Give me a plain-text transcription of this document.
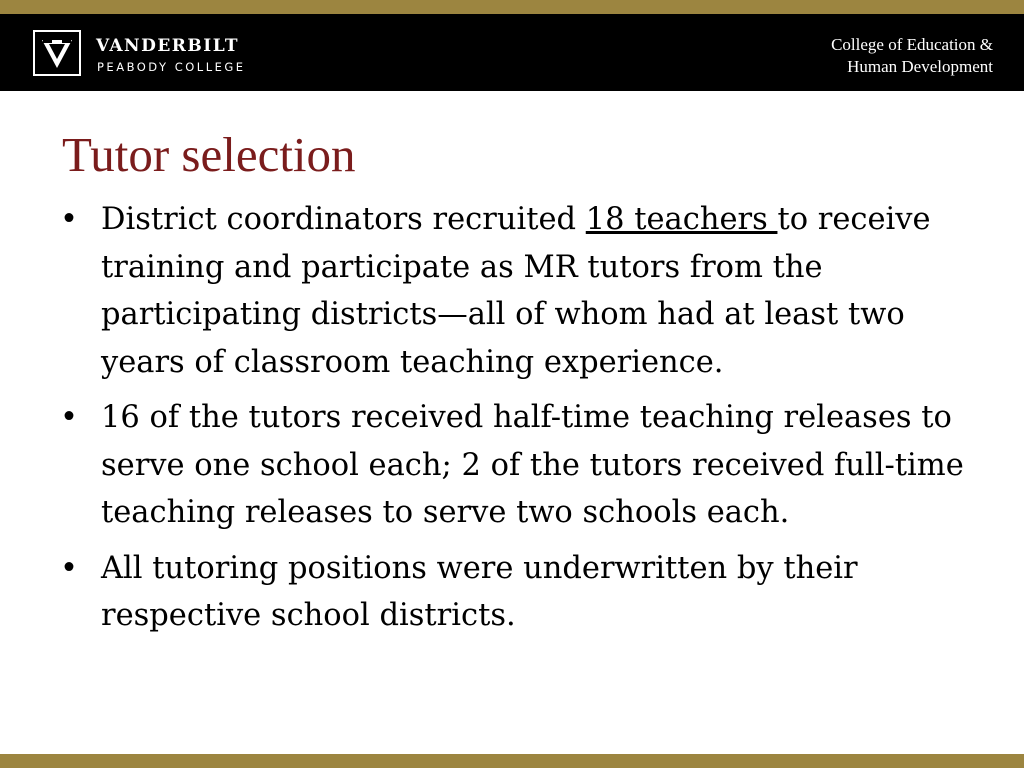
VANDERBILT
PEABODY COLLEGE
College of Education &
Human Development
Tutor selection
• District coordinators recruited 18 teachers to receive training and participate as MR tutors from the participating districts—all of whom had at least two years of classroom teaching experience.
• 16 of the tutors received half-time teaching releases to serve one school each; 2 of the tutors received full-time teaching releases to serve two schools each.
• All tutoring positions were underwritten by their respective school districts.
